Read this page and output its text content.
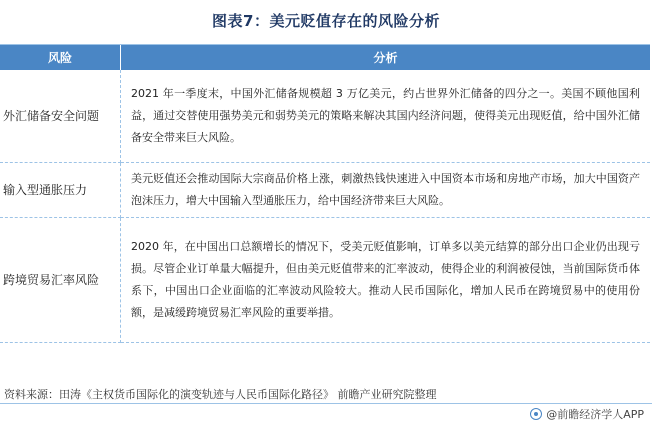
图表7：美元贬值存在的风险分析
风险	分析
外汇储备安全问题	2021 年一季度末，中国外汇储备规模超 3 万亿美元，约占世界外汇储备的四分之一。美国不顾他国利益，通过交替使用强势美元和弱势美元的策略来解决其国内经济问题，使得美元出现贬值，给中国外汇储备安全带来巨大风险。
输入型通胀压力	美元贬值还会推动国际大宗商品价格上涨，刺激热钱快速进入中国资本市场和房地产市场，加大中国资产泡沫压力，增大中国输入型通胀压力，给中国经济带来巨大风险。
跨境贸易汇率风险	2020 年，在中国出口总额增长的情况下，受美元贬值影响，订单多以美元结算的部分出口企业仍出现亏损。尽管企业订单量大幅提升，但由美元贬值带来的汇率波动，使得企业的利润被侵蚀，当前国际货币体系下，中国出口企业面临的汇率波动风险较大。推动人民币国际化，增加人民币在跨境贸易中的使用份额，是减缓跨境贸易汇率风险的重要举措。
资料来源：田涛《主权货币国际化的演变轨迹与人民币国际化路径》 前瞻产业研究院整理
@前瞻经济学人APP
